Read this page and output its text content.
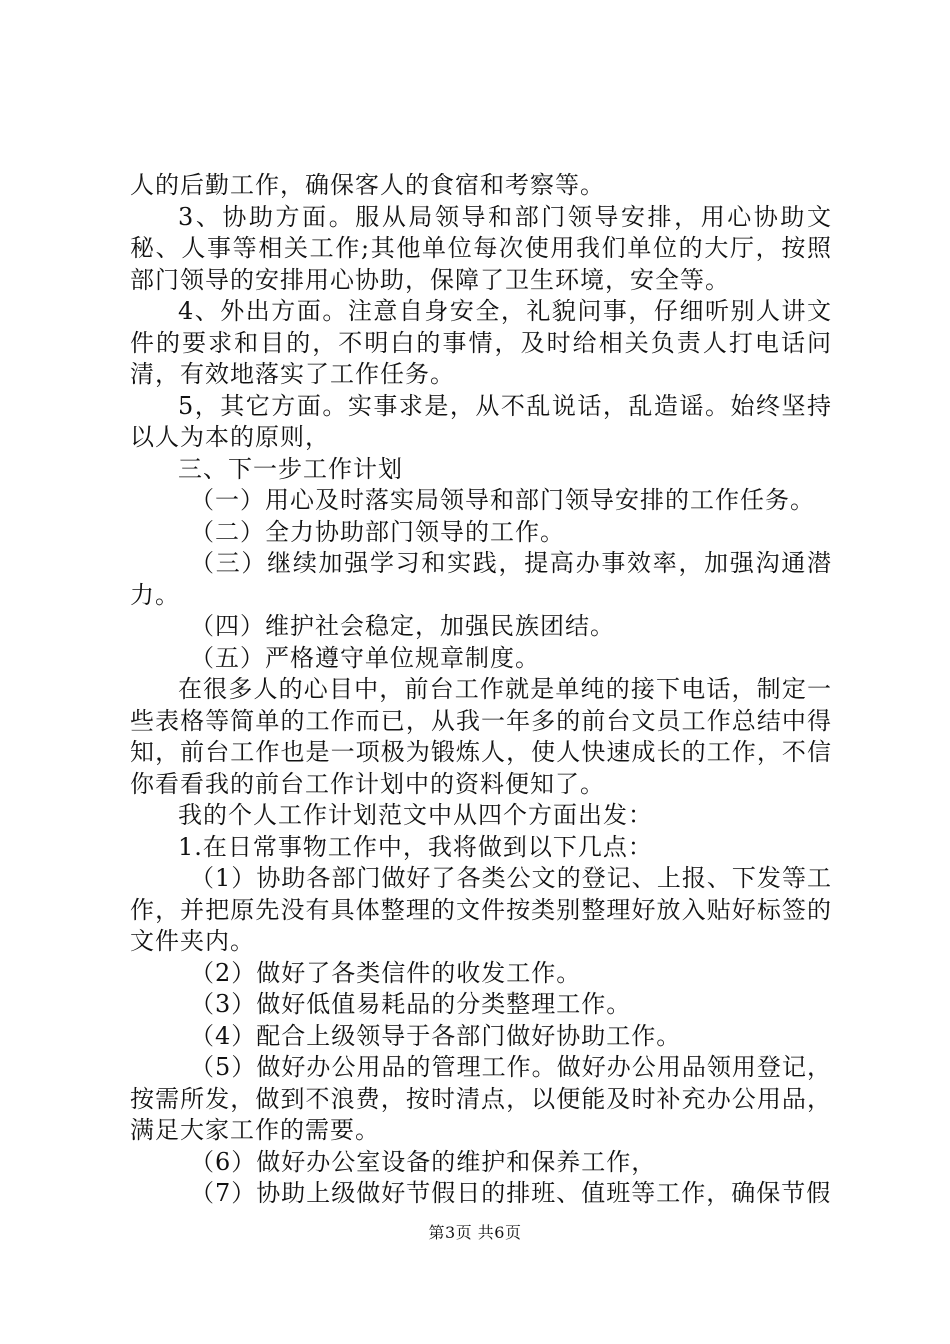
人的后勤工作，确保客人的食宿和考察等。

3、协助方面。服从局领导和部门领导安排，用心协助文秘、人事等相关工作;其他单位每次使用我们单位的大厅，按照部门领导的安排用心协助，保障了卫生环境，安全等。

4、外出方面。注意自身安全，礼貌问事，仔细听别人讲文件的要求和目的，不明白的事情，及时给相关负责人打电话问清，有效地落实了工作任务。

5，其它方面。实事求是，从不乱说话，乱造谣。始终坚持以人为本的原则，

三、下一步工作计划

（一）用心及时落实局领导和部门领导安排的工作任务。

（二）全力协助部门领导的工作。

（三）继续加强学习和实践，提高办事效率，加强沟通潜力。

（四）维护社会稳定，加强民族团结。

（五）严格遵守单位规章制度。

在很多人的心目中，前台工作就是单纯的接下电话，制定一些表格等简单的工作而已，从我一年多的前台文员工作总结中得知，前台工作也是一项极为锻炼人，使人快速成长的工作，不信你看看我的前台工作计划中的资料便知了。

我的个人工作计划范文中从四个方面出发：

1.在日常事物工作中，我将做到以下几点：

（1）协助各部门做好了各类公文的登记、上报、下发等工作，并把原先没有具体整理的文件按类别整理好放入贴好标签的文件夹内。

（2）做好了各类信件的收发工作。

（3）做好低值易耗品的分类整理工作。

（4）配合上级领导于各部门做好协助工作。

（5）做好办公用品的管理工作。做好办公用品领用登记，按需所发，做到不浪费，按时清点，以便能及时补充办公用品，满足大家工作的需要。

（6）做好办公室设备的维护和保养工作，

（7）协助上级做好节假日的排班、值班等工作，确保节假

第3页 共6页
